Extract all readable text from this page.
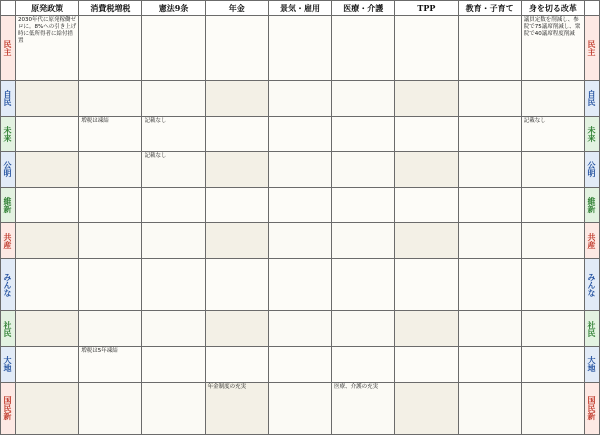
	原発政策	消費税増税	憲法9条	年金	景気・雇用	医療・介護	TPP	教育・子育て	身を切る改革	
民主	2030年代に原発稼働ゼロに。8%への引き上げ時に低所得者に給付措置								議員定数を削減し、参院で75議席削減し、衆院で40議席程度削減	民主
自民										自民
未来		増税は凍結	記載なし						記載なし	未来
公明			記載なし							公明
維新										維新
共産										共産
みんな										みんな
社民										社民
大地		増税は5年凍結								大地
国民新				年金制度の充実		医療、介護の充実				国民新
